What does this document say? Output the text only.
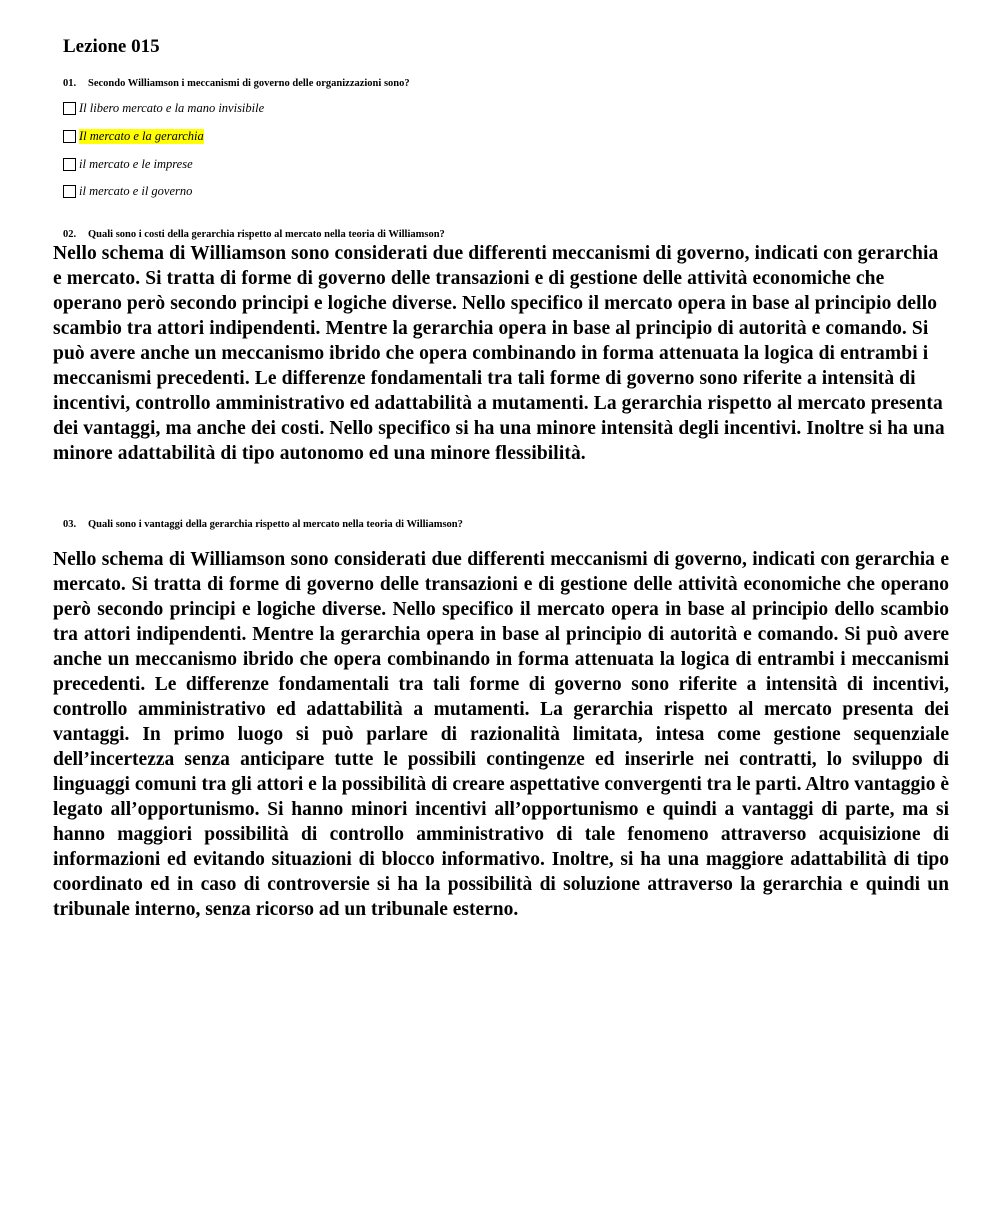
Lezione 015
01. Secondo Williamson i meccanismi di governo delle organizzazioni sono?
Il libero mercato e la mano invisibile
Il mercato e la gerarchia
il mercato e le imprese
il mercato e il governo
02. Quali sono i costi della gerarchia rispetto al mercato nella teoria di Williamson?
Nello schema di Williamson sono considerati due differenti meccanismi di governo, indicati con gerarchia e mercato. Si tratta di forme di governo delle transazioni e di gestione delle attività economiche che operano però secondo principi e logiche diverse. Nello specifico il mercato opera in base al principio dello scambio tra attori indipendenti. Mentre la gerarchia opera in base al principio di autorità e comando. Si può avere anche un meccanismo ibrido che opera combinando in forma attenuata la logica di entrambi i meccanismi precedenti. Le differenze fondamentali tra tali forme di governo sono riferite a intensità di incentivi, controllo amministrativo ed adattabilità a mutamenti. La gerarchia rispetto al mercato presenta dei vantaggi, ma anche dei costi. Nello specifico si ha una minore intensità degli incentivi. Inoltre si ha una minore adattabilità di tipo autonomo ed una minore flessibilità.
03. Quali sono i vantaggi della gerarchia rispetto al mercato nella teoria di Williamson?
Nello schema di Williamson sono considerati due differenti meccanismi di governo, indicati con gerarchia e mercato. Si tratta di forme di governo delle transazioni e di gestione delle attività economiche che operano però secondo principi e logiche diverse. Nello specifico il mercato opera in base al principio dello scambio tra attori indipendenti. Mentre la gerarchia opera in base al principio di autorità e comando. Si può avere anche un meccanismo ibrido che opera combinando in forma attenuata la logica di entrambi i meccanismi precedenti. Le differenze fondamentali tra tali forme di governo sono riferite a intensità di incentivi, controllo amministrativo ed adattabilità a mutamenti. La gerarchia rispetto al mercato presenta dei vantaggi. In primo luogo si può parlare di razionalità limitata, intesa come gestione sequenziale dell’incertezza senza anticipare tutte le possibili contingenze ed inserirle nei contratti, lo sviluppo di linguaggi comuni tra gli attori e la possibilità di creare aspettative convergenti tra le parti. Altro vantaggio è legato all’opportunismo. Si hanno minori incentivi all’opportunismo e quindi a vantaggi di parte, ma si hanno maggiori possibilità di controllo amministrativo di tale fenomeno attraverso acquisizione di informazioni ed evitando situazioni di blocco informativo. Inoltre, si ha una maggiore adattabilità di tipo coordinato ed in caso di controversie si ha la possibilità di soluzione attraverso la gerarchia e quindi un tribunale interno, senza ricorso ad un tribunale esterno.
